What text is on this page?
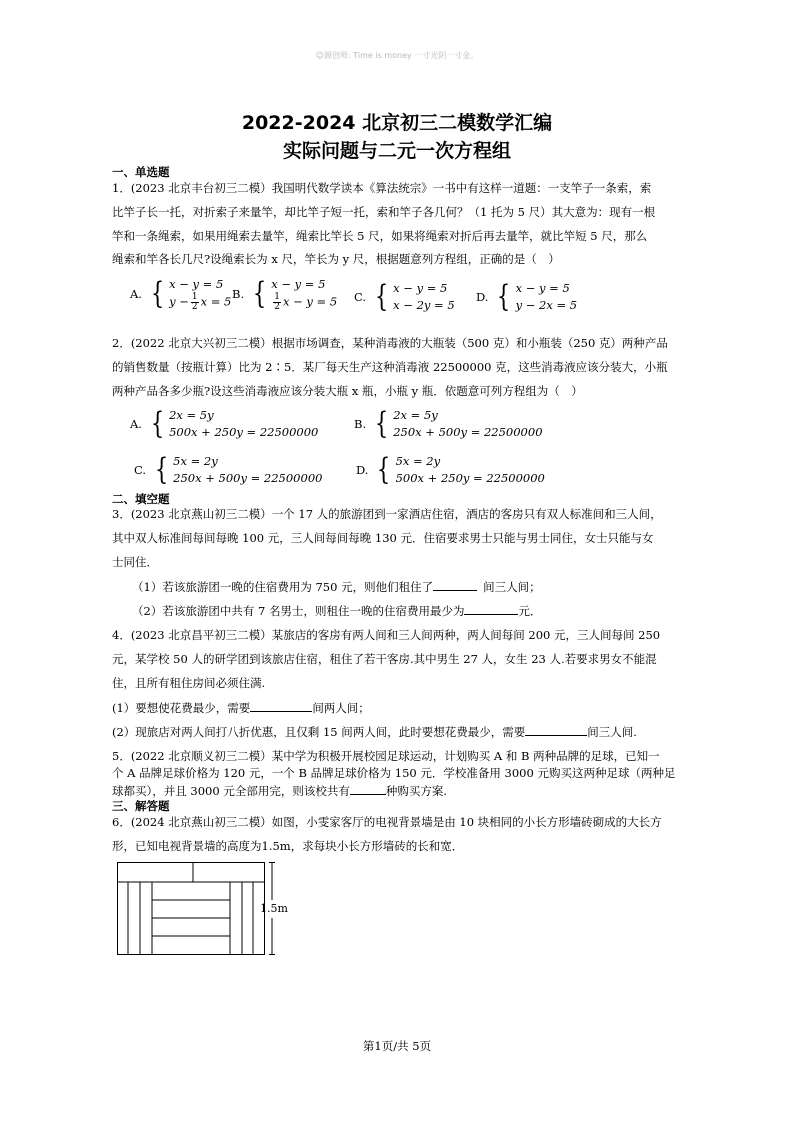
☺源创师: Time is money 一寸光阴一寸金。
2022-2024 北京初三二模数学汇编
实际问题与二元一次方程组
一、单选题
1．(2023 北京丰台初三二模）我国明代数学读本《算法统宗》一书中有这样一道题：一支竿子一条索，索
比竿子长一托，对折索子来量竿，却比竿子短一托，索和竿子各几何？（1 托为 5 尺）其大意为：现有一根
竿和一条绳索，如果用绳索去量竿，绳索比竿长 5 尺，如果将绳索对折后再去量竿，就比竿短 5 尺，那么
绳索和竿各长几尺?设绳索长为 x 尺，竿长为 y 尺，根据题意列方程组，正确的是（　）
A. { x − y = 5
$y - \frac{1}{2}$ x = 5
B. { x − y = 5
$\frac{1}{2}$ x − y = 5 C. { x − y = 5
x − 2y = 5
D. { x − y = 5
y − 2x = 5
2．(2022 北京大兴初三二模）根据市场调查，某种消毒液的大瓶装（500 克）和小瓶装（250 克）两种产品
的销售数量（按瓶计算）比为 2∶5．某厂每天生产这种消毒液 22500000 克，这些消毒液应该分装大，小瓶
两种产品各多少瓶?设这些消毒液应该分装大瓶 x 瓶，小瓶 y 瓶．依题意可列方程组为（　）
A. { 2x = 5y
500x + 250y = 22500000
B. { 2x = 5y
250x + 500y = 22500000
C. { 5x = 2y
250x + 500y = 22500000
D. { 5x = 2y
500x + 250y = 22500000
二、填空题
3．(2023 北京燕山初三二模）一个 17 人的旅游团到一家酒店住宿，酒店的客房只有双人标准间和三人间，
其中双人标准间每间每晚 100 元，三人间每间每晚 130 元．住宿要求男士只能与男士同住，女士只能与女
士同住．
（1）若该旅游团一晚的住宿费用为 750 元，则他们租住了	间三人间；
（2）若该旅游团中共有 7 名男士，则租住一晚的住宿费用最少为	元．
4．(2023 北京昌平初三二模）某旅店的客房有两人间和三人间两种，两人间每间 200 元，三人间每间 250
元，某学校 50 人的研学团到该旅店住宿，租住了若干客房.其中男生 27 人，女生 23 人.若要求男女不能混
住，且所有租住房间必须住满.
(1）要想使花费最少，需要	间两人间；
(2）现旅店对两人间打八折优惠，且仅剩 15 间两人间，此时要想花费最少，需要	间三人间.
5．(2022 北京顺义初三二模）某中学为积极开展校园足球运动，计划购买 A 和 B 两种品牌的足球，已知一
个 A 品牌足球价格为 120 元，一个 B 品牌足球价格为 150 元．学校准备用 3000 元购买这两种足球（两种足
球都买），并且 3000 元全部用完，则该校共有	种购买方案.
三、解答题
6．(2024 北京燕山初三二模）如图，小雯家客厅的电视背景墙是由 10 块相同的小长方形墙砖砌成的大长方
形，已知电视背景墙的高度为1.5m，求每块小长方形墙砖的长和宽．
1.5m
第1页/共 5页
